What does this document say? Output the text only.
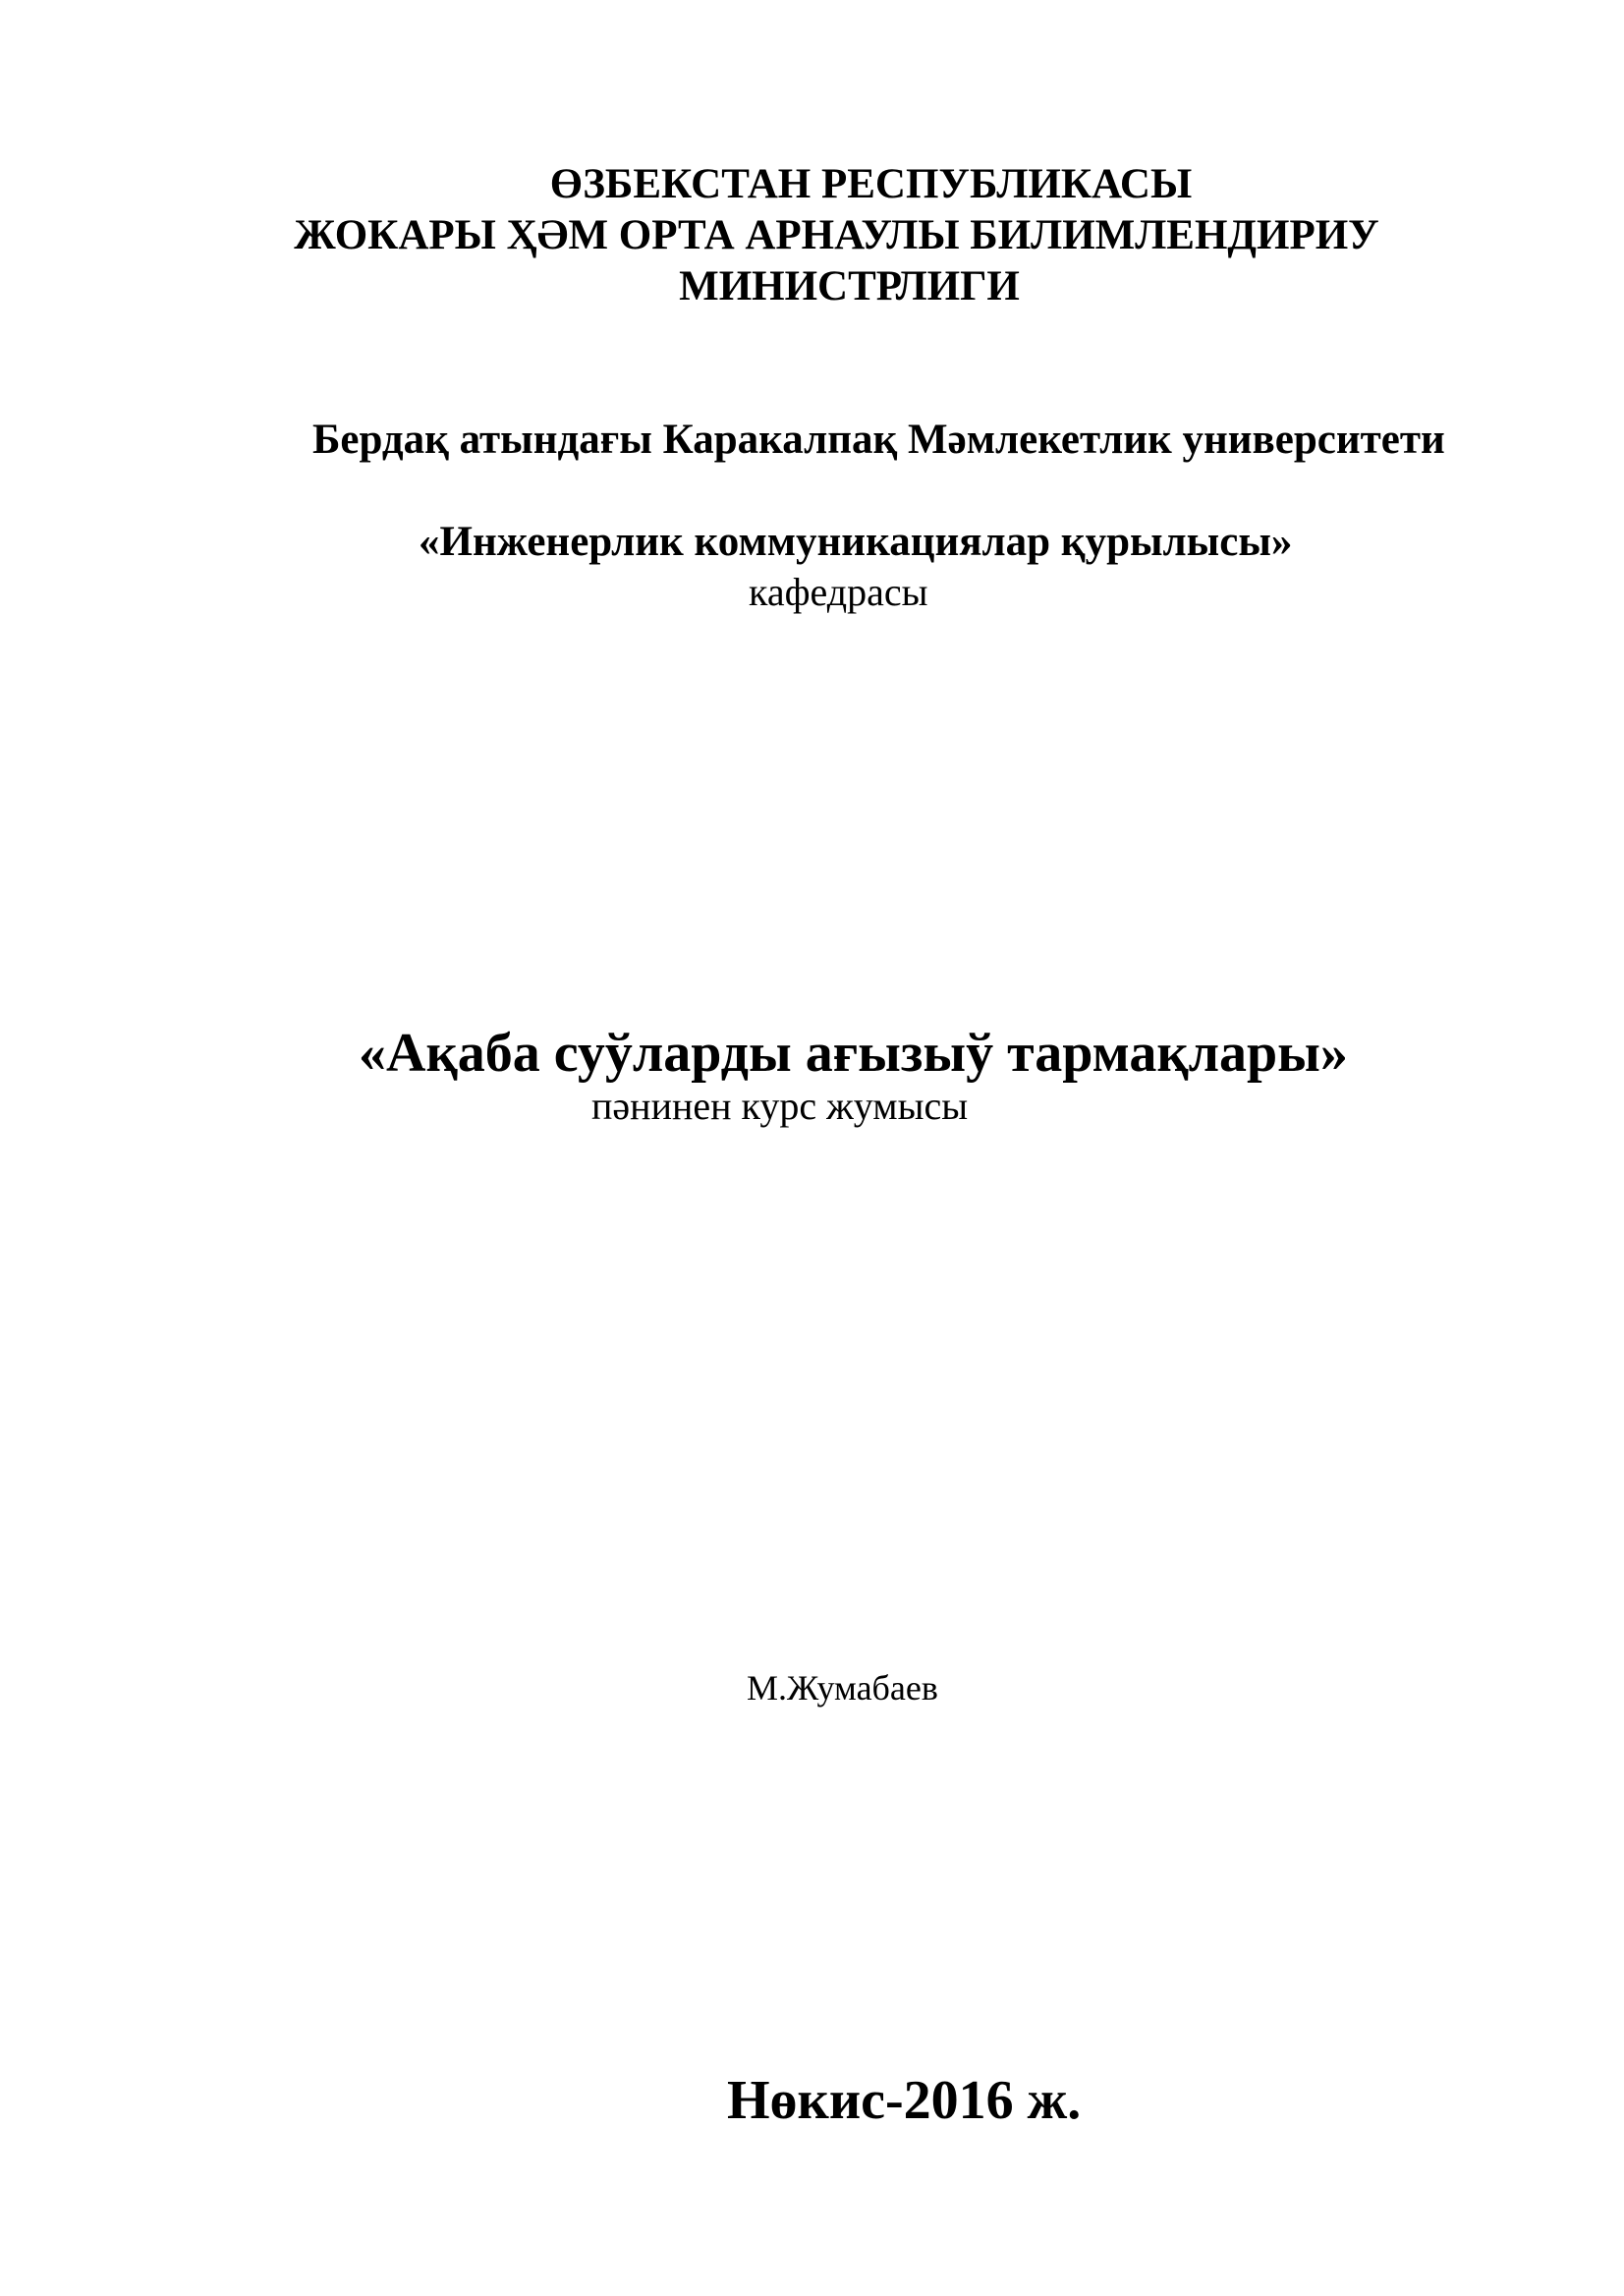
ӨЗБЕКСТАН РЕСПУБЛИКАСЫ
ЖОКАРЫ ҲӘМ ОРТА АРНАУЛЫ БИЛИМЛЕНДИРИУ
МИНИСТРЛИГИ
Бердақ атындағы Каракалпақ Мәмлекетлик университети
«Инженерлик коммуникациялар қурылысы»
кафедрасы
«Ақаба суўларды ағызыў тармақлары»
пәнинен курс жумысы
М.Жумабаев
Нөкис-2016 ж.
